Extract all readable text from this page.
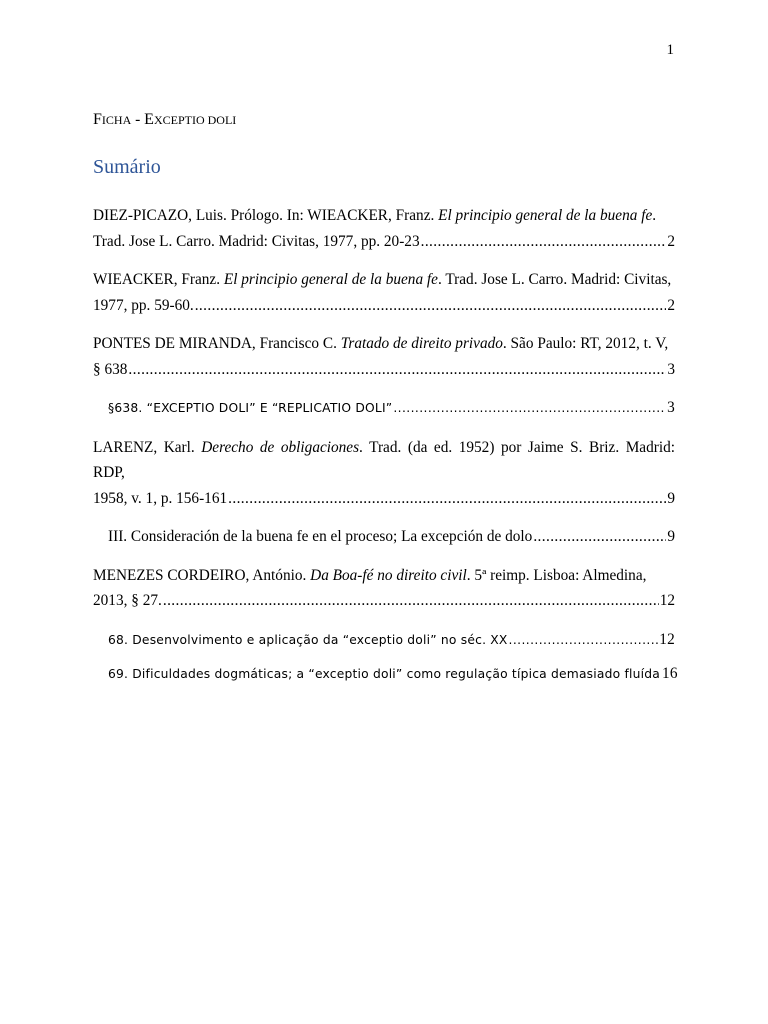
1
FICHA - EXCEPTIO DOLI
Sumário
DIEZ-PICAZO, Luis. Prólogo. In: WIEACKER, Franz. El principio general de la buena fe.
Trad. Jose L. Carro. Madrid: Civitas, 1977, pp. 20-23 .....	2
WIEACKER, Franz. El principio general de la buena fe. Trad. Jose L. Carro. Madrid: Civitas,
1977, pp. 59-60. .....	2
PONTES DE MIRANDA, Francisco C. Tratado de direito privado. São Paulo: RT, 2012, t. V,
§ 638 .....	3
§638. “EXCEPTIO DOLI” E “REPLICATIO DOLI” .....	3
LARENZ, Karl. Derecho de obligaciones. Trad. (da ed. 1952) por Jaime S. Briz. Madrid: RDP,
1958, v. 1, p. 156-161 .....	9
III. Consideración de la buena fe en el proceso; La excepción de dolo .....	9
MENEZES CORDEIRO, António. Da Boa-fé no direito civil. 5ª reimp. Lisboa: Almedina,
2013, § 27. .....	12
68. Desenvolvimento e aplicação da “exceptio doli” no séc. XX .....	12
69. Dificuldades dogmáticas; a “exceptio doli” como regulação típica demasiado fluída 16
